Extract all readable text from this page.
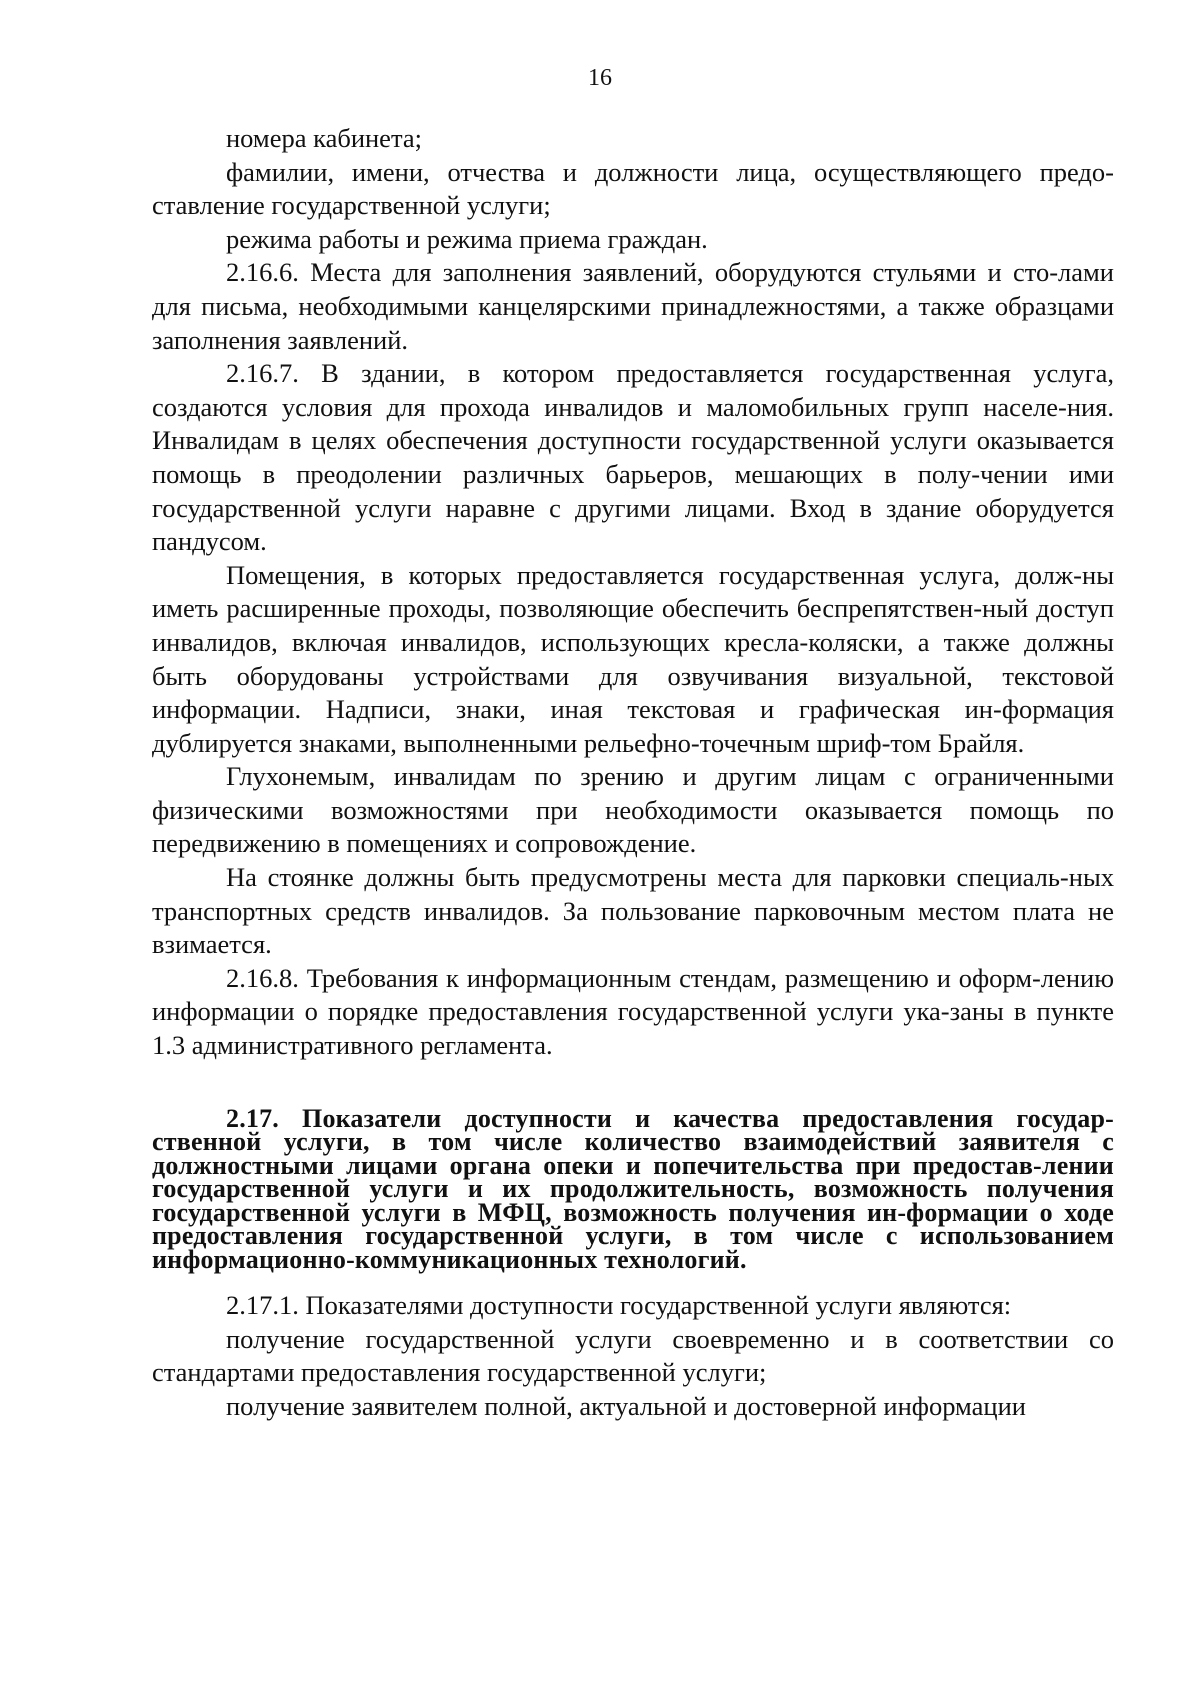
16

номера кабинета;

фамилии, имени, отчества и должности лица, осуществляющего предо-ставление государственной услуги;

режима работы и режима приема граждан.

2.16.6. Места для заполнения заявлений, оборудуются стульями и сто-лами для письма, необходимыми канцелярскими принадлежностями, а также образцами заполнения заявлений.

2.16.7. В здании, в котором предоставляется государственная услуга, создаются условия для прохода инвалидов и маломобильных групп населе-ния. Инвалидам в целях обеспечения доступности государственной услуги оказывается помощь в преодолении различных барьеров, мешающих в полу-чении ими государственной услуги наравне с другими лицами. Вход в здание оборудуется пандусом.

Помещения, в которых предоставляется государственная услуга, долж-ны иметь расширенные проходы, позволяющие обеспечить беспрепятствен-ный доступ инвалидов, включая инвалидов, использующих кресла-коляски, а также должны быть оборудованы устройствами для озвучивания визуальной, текстовой информации. Надписи, знаки, иная текстовая и графическая ин-формация дублируется знаками, выполненными рельефно-точечным шриф-том Брайля.

Глухонемым, инвалидам по зрению и другим лицам с ограниченными физическими возможностями при необходимости оказывается помощь по передвижению в помещениях и сопровождение.

На стоянке должны быть предусмотрены места для парковки специаль-ных транспортных средств инвалидов. За пользование парковочным местом плата не взимается.

2.16.8. Требования к информационным стендам, размещению и оформ-лению информации о порядке предоставления государственной услуги ука-заны в пункте 1.3 административного регламента.

2.17. Показатели доступности и качества предоставления государ-ственной услуги, в том числе количество взаимодействий заявителя с должностными лицами органа опеки и попечительства при предостав-лении государственной услуги и их продолжительность, возможность получения государственной услуги в МФЦ, возможность получения ин-формации о ходе предоставления государственной услуги, в том числе с использованием информационно-коммуникационных технологий.

2.17.1. Показателями доступности государственной услуги являются:

получение государственной услуги своевременно и в соответствии со стандартами предоставления государственной услуги;

получение заявителем полной, актуальной и достоверной информации
